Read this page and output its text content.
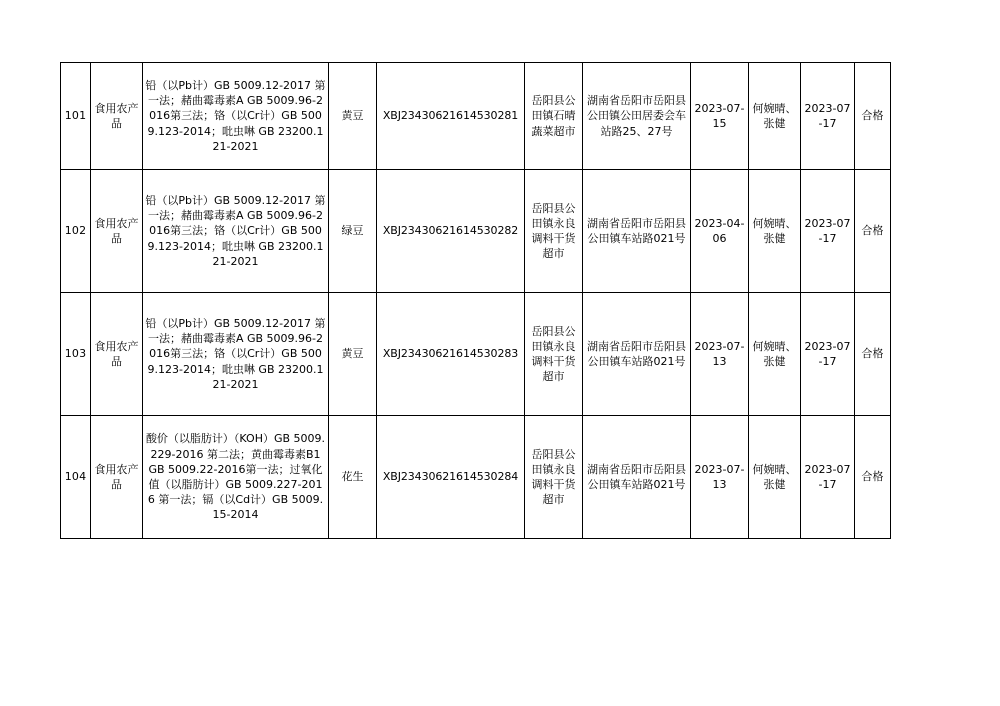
101	食用农产品	铅（以Pb计）GB 5009.12-2017 第一法；赭曲霉毒素A GB 5009.96-2016第三法；铬（以Cr计）GB 5009.123-2014；吡虫啉 GB 23200.121-2021	黄豆	XBJ23430621614530281	岳阳县公田镇石晴蔬菜超市	湖南省岳阳市岳阳县公田镇公田居委会车站路25、27号	2023-07-15	何婉晴、张健	2023-07-17	合格
102	食用农产品	铅（以Pb计）GB 5009.12-2017 第一法；赭曲霉毒素A GB 5009.96-2016第三法；铬（以Cr计）GB 5009.123-2014；吡虫啉 GB 23200.121-2021	绿豆	XBJ23430621614530282	岳阳县公田镇永良调料干货超市	湖南省岳阳市岳阳县公田镇车站路021号	2023-04-06	何婉晴、张健	2023-07-17	合格
103	食用农产品	铅（以Pb计）GB 5009.12-2017 第一法；赭曲霉毒素A GB 5009.96-2016第三法；铬（以Cr计）GB 5009.123-2014；吡虫啉 GB 23200.121-2021	黄豆	XBJ23430621614530283	岳阳县公田镇永良调料干货超市	湖南省岳阳市岳阳县公田镇车站路021号	2023-07-13	何婉晴、张健	2023-07-17	合格
104	食用农产品	酸价（以脂肪计）（KOH）GB 5009.229-2016 第二法；黄曲霉毒素B1 GB 5009.22-2016第一法；过氧化值（以脂肪计）GB 5009.227-2016 第一法；镉（以Cd计）GB 5009.15-2014	花生	XBJ23430621614530284	岳阳县公田镇永良调料干货超市	湖南省岳阳市岳阳县公田镇车站路021号	2023-07-13	何婉晴、张健	2023-07-17	合格
